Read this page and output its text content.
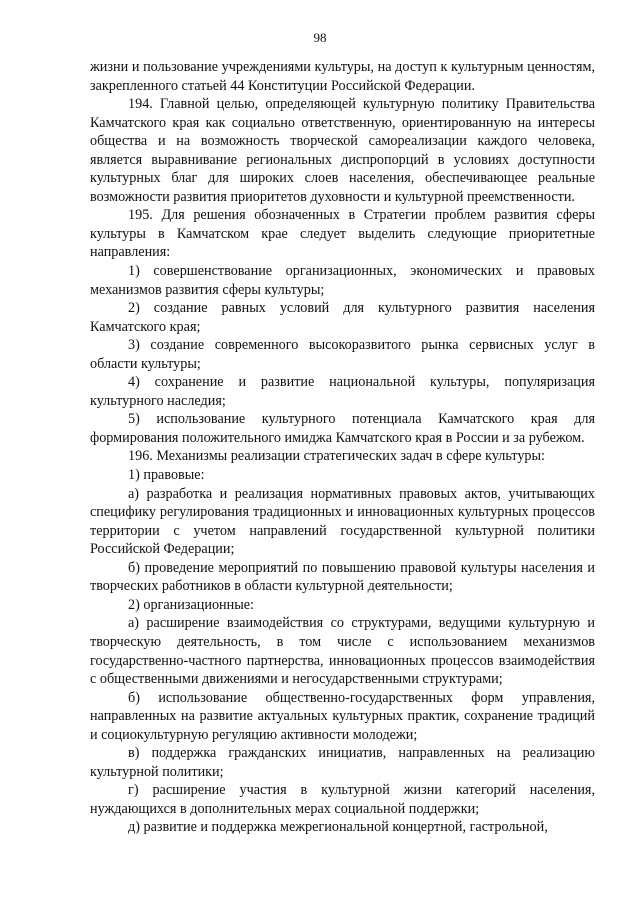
98

жизни и пользование учреждениями культуры, на доступ к культурным ценностям, закрепленного статьей 44 Конституции Российской Федерации.

194. Главной целью, определяющей культурную политику Правительства Камчатского края как социально ответственную, ориентированную на интересы общества и на возможность творческой самореализации каждого человека, является выравнивание региональных диспропорций в условиях доступности культурных благ для широких слоев населения, обеспечивающее реальные возможности развития приоритетов духовности и культурной преемственности.

195. Для решения обозначенных в Стратегии проблем развития сферы культуры в Камчатском крае следует выделить следующие приоритетные направления:

1) совершенствование организационных, экономических и правовых механизмов развития сферы культуры;

2) создание равных условий для культурного развития населения Камчатского края;

3) создание современного высокоразвитого рынка сервисных услуг в области культуры;

4) сохранение и развитие национальной культуры, популяризация культурного наследия;

5) использование культурного потенциала Камчатского края для формирования положительного имиджа Камчатского края в России и за рубежом.

196. Механизмы реализации стратегических задач в сфере культуры:

1) правовые:

а) разработка и реализация нормативных правовых актов, учитывающих специфику регулирования традиционных и инновационных культурных процессов территории с учетом направлений государственной культурной политики Российской Федерации;

б) проведение мероприятий по повышению правовой культуры населения и творческих работников в области культурной деятельности;

2) организационные:

а) расширение взаимодействия со структурами, ведущими культурную и творческую деятельность, в том числе с использованием механизмов государственно-частного партнерства, инновационных процессов взаимодействия с общественными движениями и негосударственными структурами;

б) использование общественно-государственных форм управления, направленных на развитие актуальных культурных практик, сохранение традиций и социокультурную регуляцию активности молодежи;

в) поддержка гражданских инициатив, направленных на реализацию культурной политики;

г) расширение участия в культурной жизни категорий населения, нуждающихся в дополнительных мерах социальной поддержки;

д) развитие и поддержка межрегиональной концертной, гастрольной,
